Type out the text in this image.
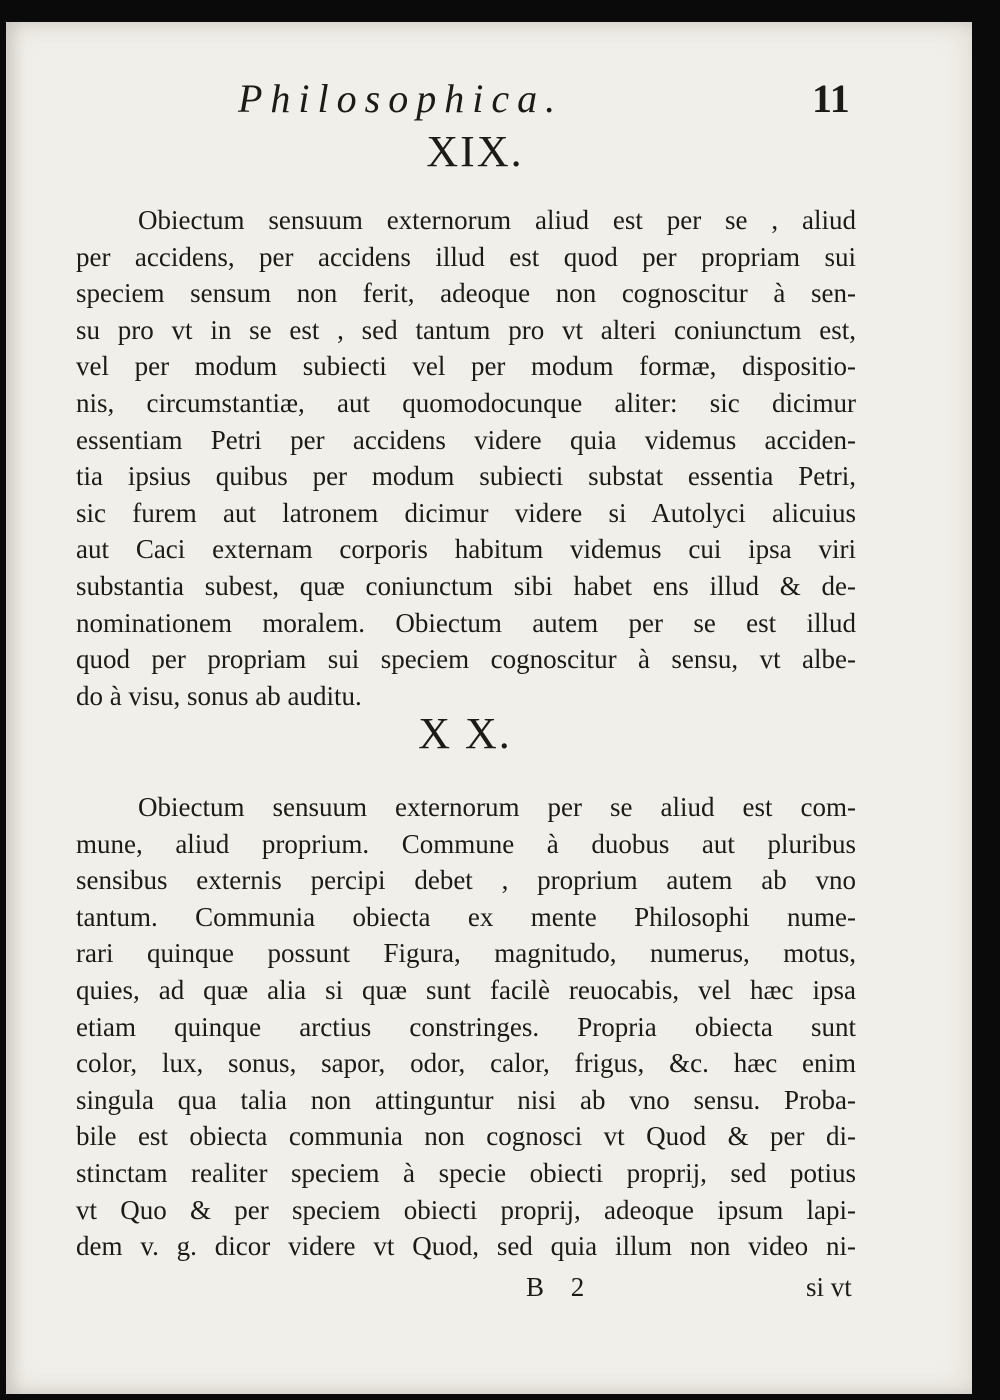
Philosophica.	11
XIX.
Obiectum sensuum externorum aliud est per se , aliud
per accidens, per accidens illud est quod per propriam sui
speciem sensum non ferit, adeoque non cognoscitur à sen-
su pro vt in se est , sed tantum pro vt alteri coniunctum est,
vel per modum subiecti vel per modum formæ, dispositio-
nis, circumstantiæ, aut quomodocunque aliter: sic dicimur
essentiam Petri per accidens videre quia videmus acciden-
tia ipsius quibus per modum subiecti substat essentia Petri,
sic furem aut latronem dicimur videre si Autolyci alicuius
aut Caci externam corporis habitum videmus cui ipsa viri
substantia subest, quæ coniunctum sibi habet ens illud & de-
nominationem moralem. Obiectum autem per se est illud
quod per propriam sui speciem cognoscitur à sensu, vt albe-
do à visu, sonus ab auditu.
X X.
Obiectum sensuum externorum per se aliud est com-
mune, aliud proprium. Commune à duobus aut pluribus
sensibus externis percipi debet , proprium autem ab vno
tantum. Communia obiecta ex mente Philosophi nume-
rari quinque possunt Figura, magnitudo, numerus, motus,
quies, ad quæ alia si quæ sunt facilè reuocabis, vel hæc ipsa
etiam quinque arctius constringes. Propria obiecta sunt
color, lux, sonus, sapor, odor, calor, frigus, &c. hæc enim
singula qua talia non attinguntur nisi ab vno sensu. Proba-
bile est obiecta communia non cognosci vt Quod & per di-
stinctam realiter speciem à specie obiecti proprij, sed potius
vt Quo & per speciem obiecti proprij, adeoque ipsum lapi-
dem v. g. dicor videre vt Quod, sed quia illum non video ni-
B 2	si vt
